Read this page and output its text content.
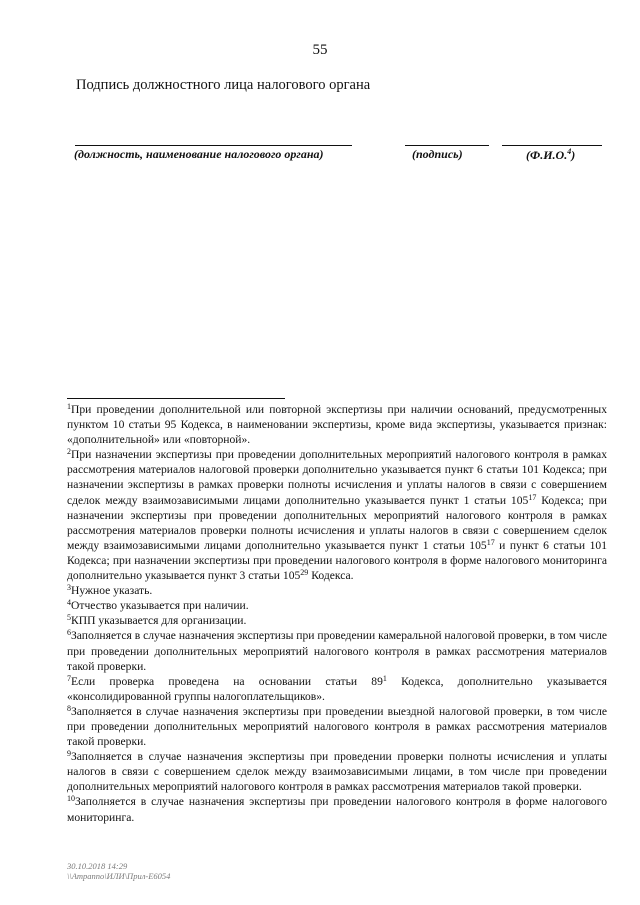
55
Подпись должностного лица налогового органа
(должность, наименование налогового органа)	(подпись)	(Ф.И.О.$^4$)

$^1$При проведении дополнительной или повторной экспертизы при наличии оснований, предусмотренных пунктом 10 статьи 95 Кодекса, в наименовании экспертизы, кроме вида экспертизы, указывается признак: «дополнительной» или «повторной».

$^2$При назначении экспертизы при проведении дополнительных мероприятий налогового контроля в рамках рассмотрения материалов налоговой проверки дополнительно указывается пункт 6 статьи 101 Кодекса; при назначении экспертизы в рамках проверки полноты исчисления и уплаты налогов в связи с совершением сделок между взаимозависимыми лицами дополнительно указывается пункт 1 статьи $105^{17}$ Кодекса; при назначении экспертизы при проведении дополнительных мероприятий налогового контроля в рамках рассмотрения материалов проверки полноты исчисления и уплаты налогов в связи с совершением сделок между взаимозависимыми лицами дополнительно указывается пункт 1 статьи $105^{17}$ и пункт 6 статьи 101 Кодекса; при назначении экспертизы при проведении налогового контроля в форме налогового мониторинга дополнительно указывается пункт 3 статьи $105^{29}$ Кодекса.

$^3$Нужное указать.

$^4$Отчество указывается при наличии.

$^5$КПП указывается для организации.

$^6$Заполняется в случае назначения экспертизы при проведении камеральной налоговой проверки, в том числе при проведении дополнительных мероприятий налогового контроля в рамках рассмотрения материалов такой проверки.

$^7$Если проверка проведена на основании статьи $89^1$ Кодекса, дополнительно указывается «консолидированной группы налогоплательщиков».

$^8$Заполняется в случае назначения экспертизы при проведении выездной налоговой проверки, в том числе при проведении дополнительных мероприятий налогового контроля в рамках рассмотрения материалов такой проверки.

$^9$Заполняется в случае назначения экспертизы при проведении проверки полноты исчисления и уплаты налогов в связи с совершением сделок между взаимозависимыми лицами, в том числе при проведении дополнительных мероприятий налогового контроля в рамках рассмотрения материалов такой проверки.

$^{10}$Заполняется в случае назначения экспертизы при проведении налогового контроля в форме налогового мониторинга.

30.10.2018 14:29
\\Ampanno\ИЛИ\Прил-Е6054
